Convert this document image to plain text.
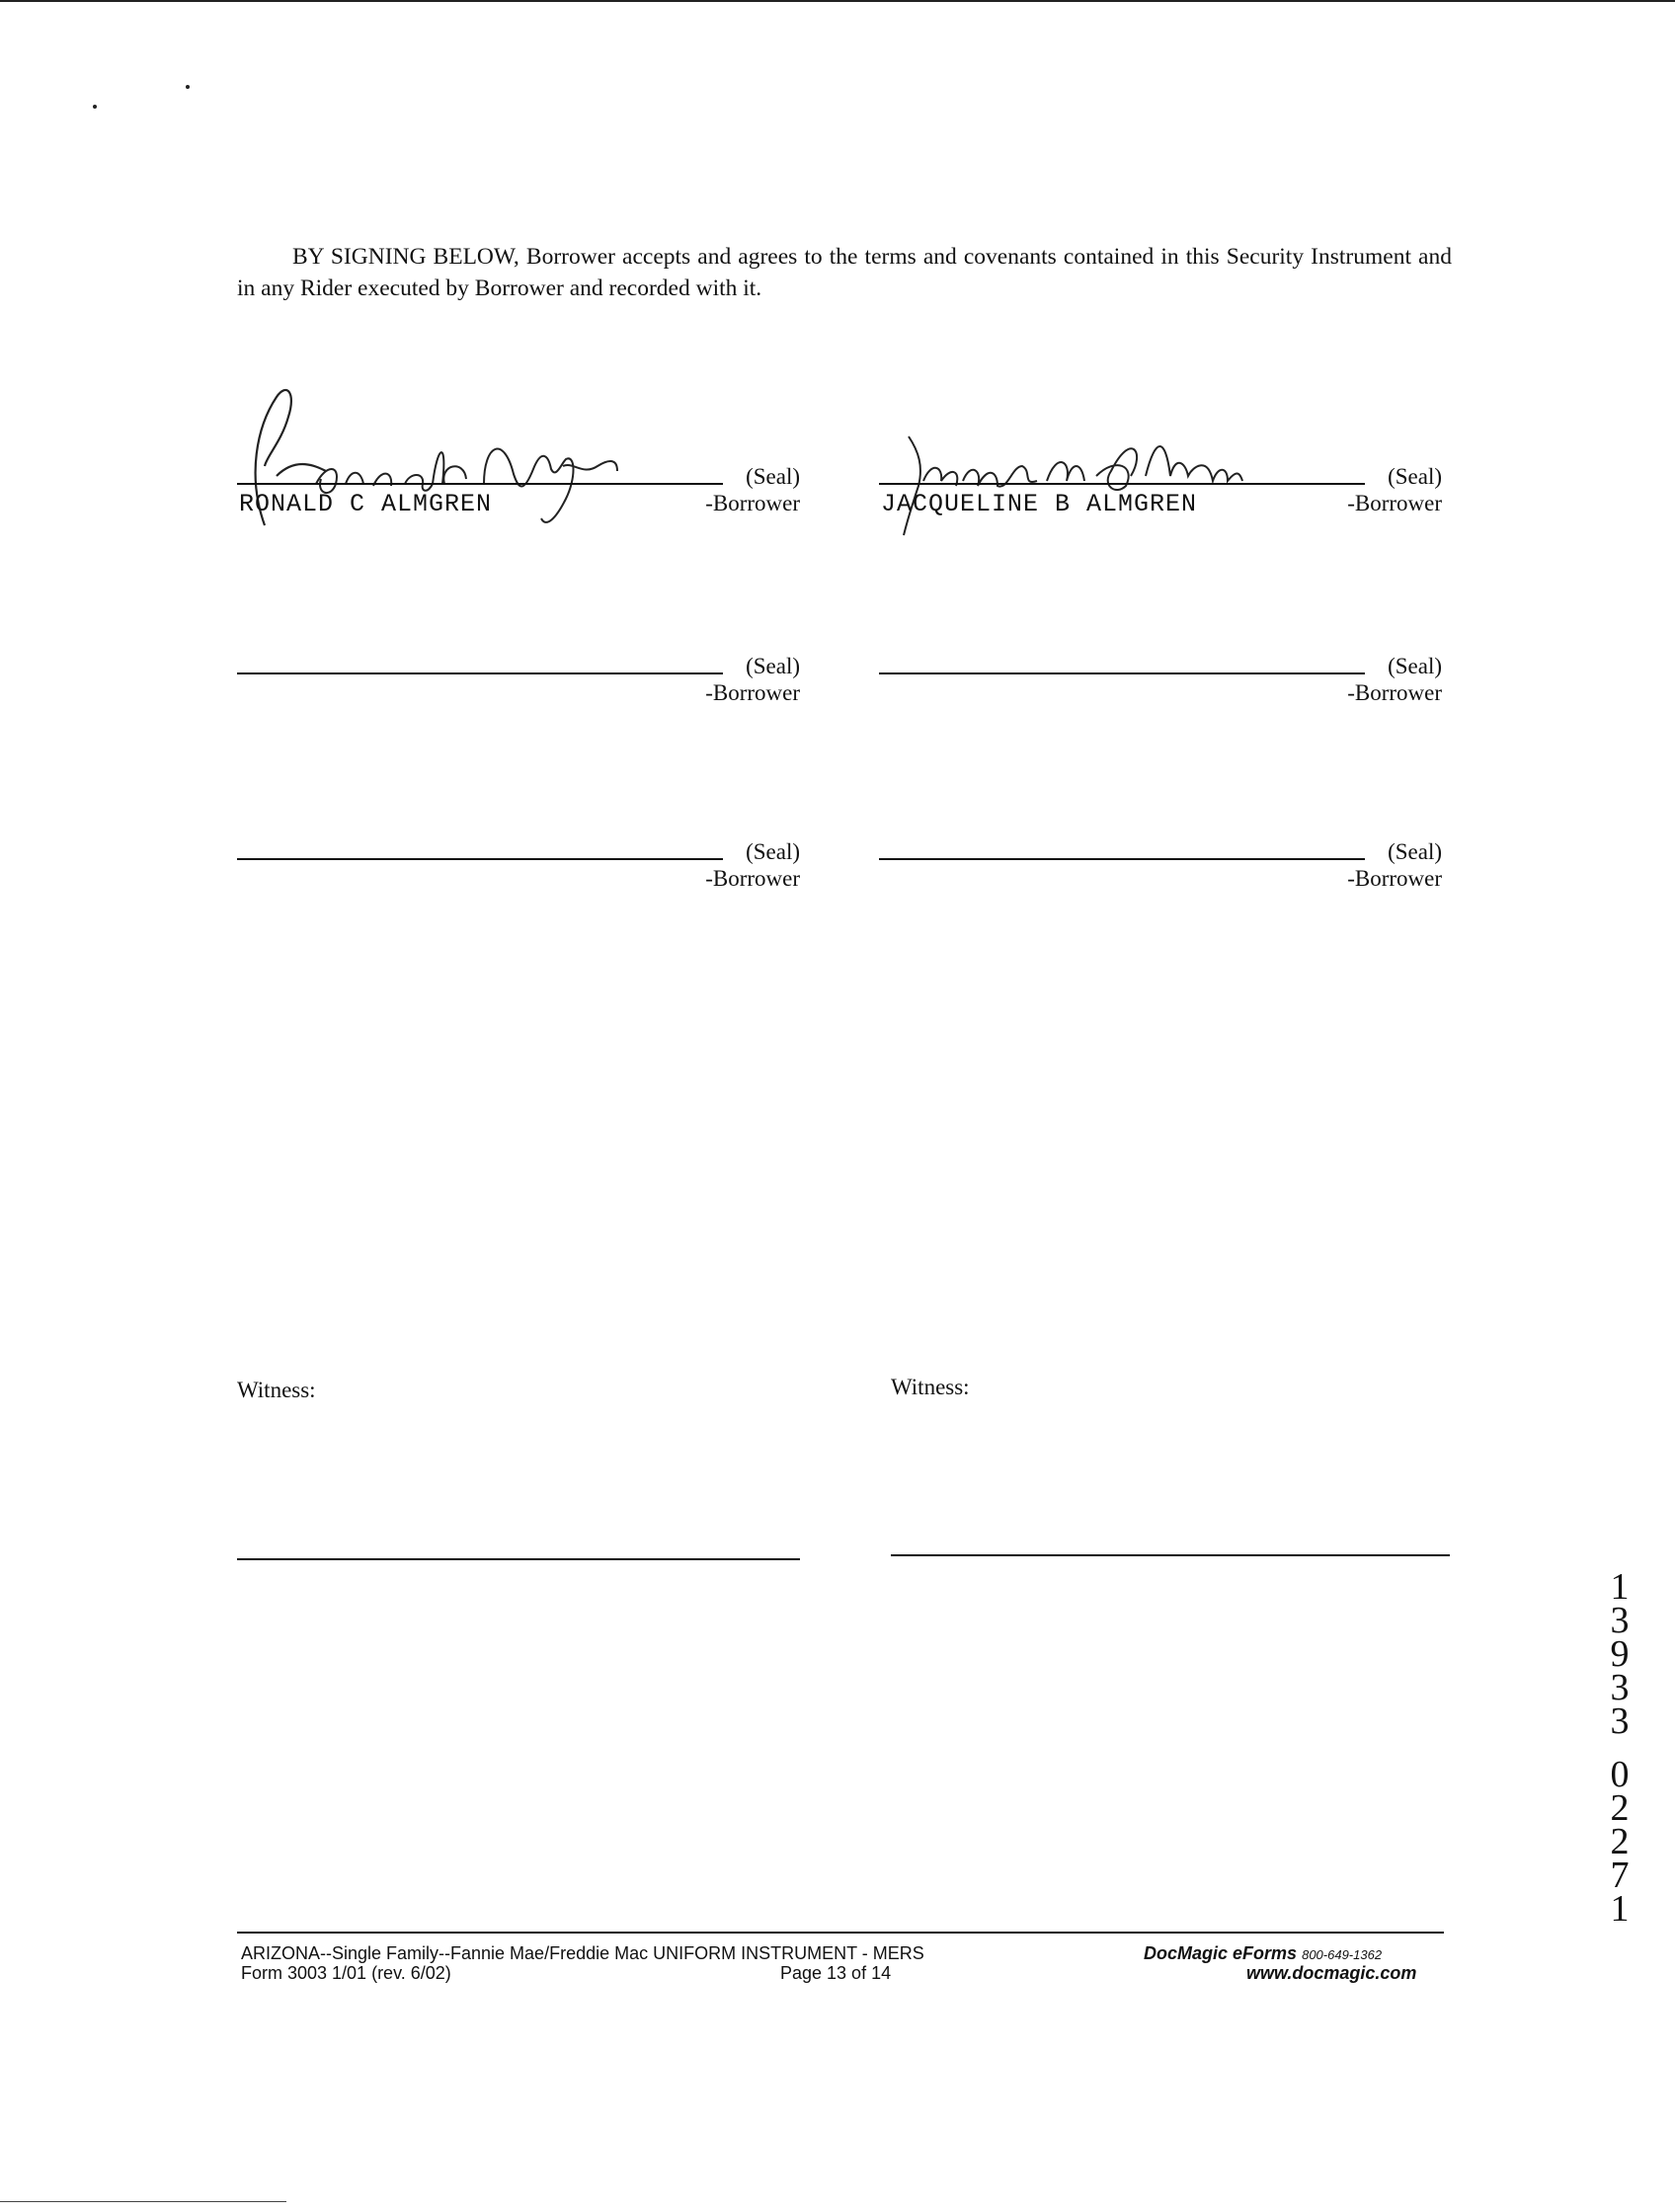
BY SIGNING BELOW, Borrower accepts and agrees to the terms and covenants contained in this Security Instrument and in any Rider executed by Borrower and recorded with it.
(Seal)
RONALD C ALMGREN	-Borrower
(Seal)
JACQUELINE B ALMGREN	-Borrower
(Seal)
-Borrower
(Seal)
-Borrower
(Seal)
-Borrower
(Seal)
-Borrower
Witness:	Witness:
1
3
9
3
3
0
2
2
7
1
ARIZONA--Single Family--Fannie Mae/Freddie Mac UNIFORM INSTRUMENT - MERS
Form 3003 1/01 (rev. 6/02)	Page 13 of 14
DocMagic eForms 800-649-1362
www.docmagic.com
